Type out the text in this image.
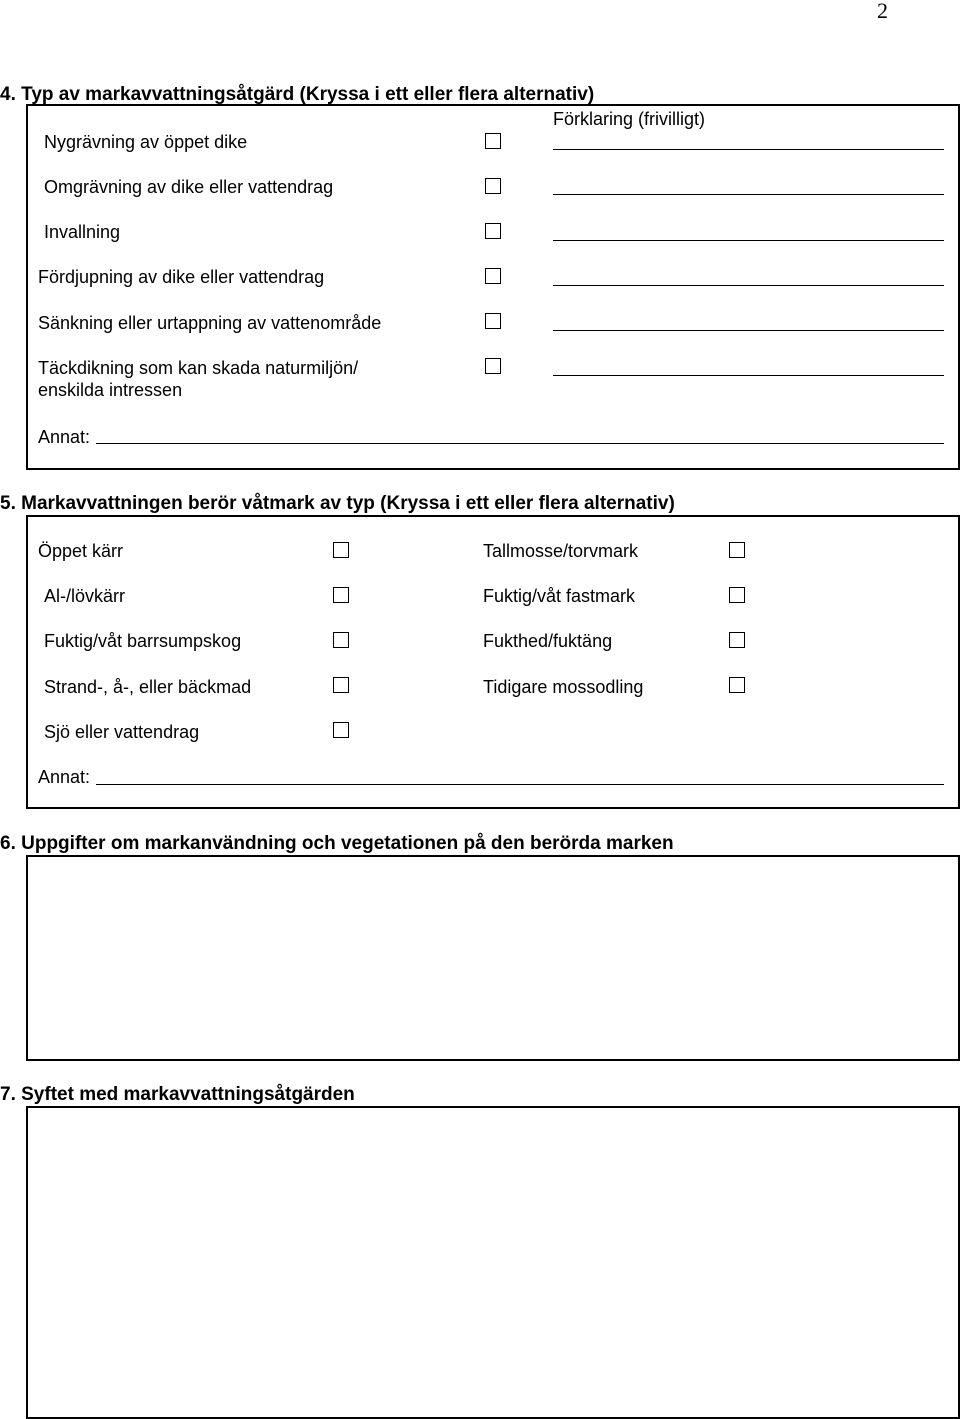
2
4. Typ av markavvattningsåtgärd (Kryssa i ett eller flera alternativ)
Förklaring (frivilligt)
Nygrävning av öppet dike
Omgrävning av dike eller vattendrag
Invallning
Fördjupning av dike eller vattendrag
Sänkning eller urtappning av vattenområde
Täckdikning som kan skada naturmiljön/
enskilda intressen
Annat:
5. Markavvattningen berör våtmark av typ (Kryssa i ett eller flera alternativ)
Öppet kärr
Al-/lövkärr
Fuktig/våt barrsumpskog
Strand-, å-, eller bäckmad
Sjö eller vattendrag
Tallmosse/torvmark
Fuktig/våt fastmark
Fukthed/fuktäng
Tidigare mossodling
Annat:
6. Uppgifter om markanvändning och vegetationen på den berörda marken
7. Syftet med markavvattningsåtgärden
